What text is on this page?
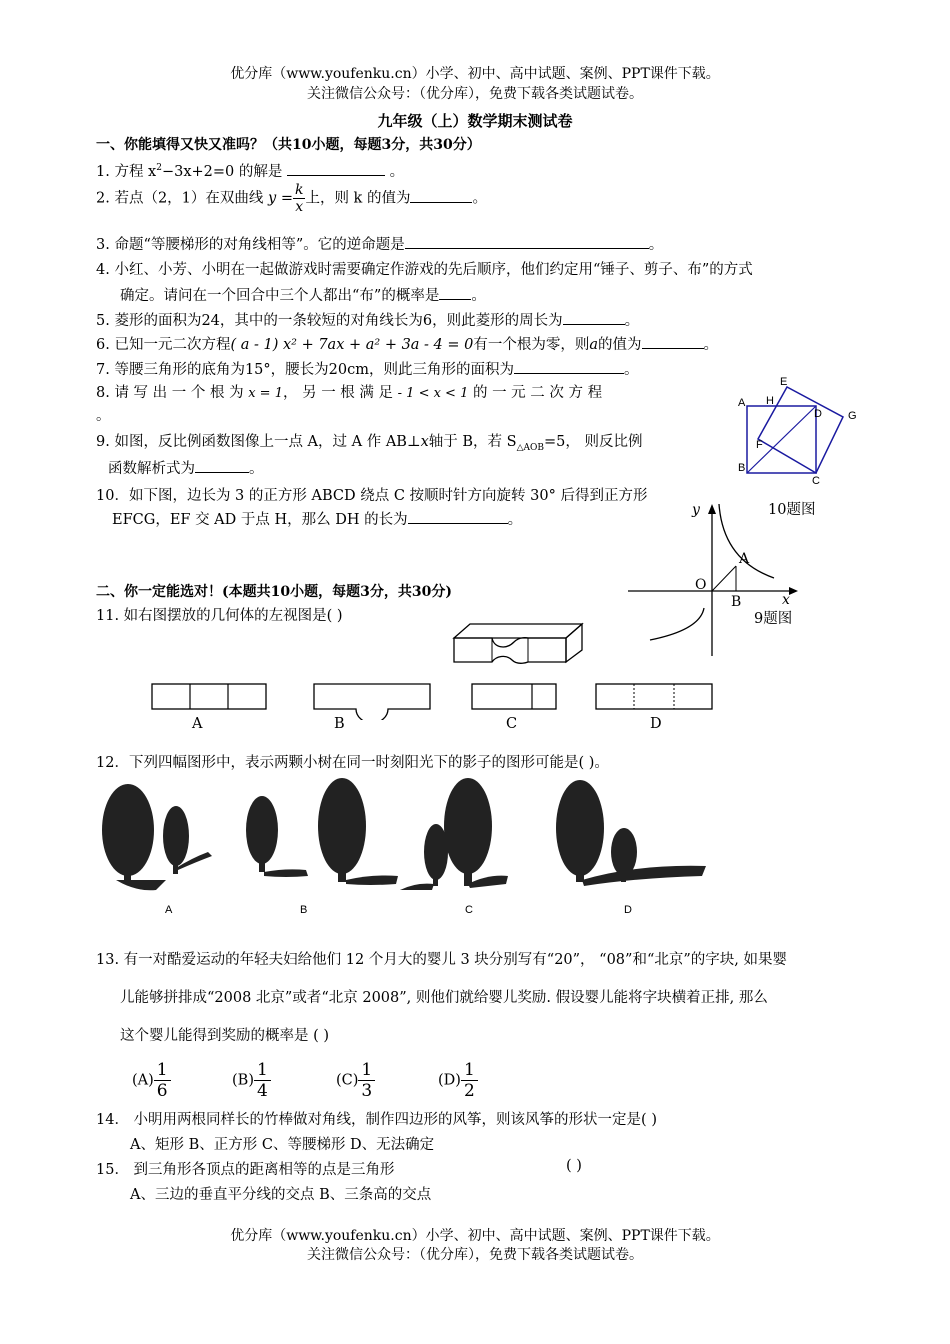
优分库（www.youfenku.cn）小学、初中、高中试题、案例、PPT课件下载。
关注微信公众号：（优分库），免费下载各类试题试卷。
九年级（上）数学期末测试卷
一、你能填得又快又准吗？（共10小题，每题3分，共30分）
1. 方程 $x^2-3x+2=0$ 的解是	。
2. 若点（2，1）在双曲线 $y = \frac{k}{x}$ 上，则 k 的值为	。
3. 命题“等腰梯形的对角线相等”。它的逆命题是	。
4. 小红、小芳、小明在一起做游戏时需要确定作游戏的先后顺序，他们约定用“锤子、剪子、布”的方式
确定。请问在一个回合中三个人都出“布”的概率是 。
5. 菱形的面积为24，其中的一条较短的对角线长为6，则此菱形的周长为	。
6. 已知一元二次方程( a - 1) x² + 7ax + a² + 3a - 4 = 0有一个根为零，则a的值为	。
7. 等腰三角形的底角为15°，腰长为20cm，则此三角形的面积为	。
8. 请 写 出 一 个 根 为 x = 1， 另 一 根 满 足 - 1 < x < 1 的 一 元 二 次 方 程
。
9. 如图，反比例函数图像上一点 A，过 A 作 AB⊥x轴于 B，若 $S_{\triangle AOB}=5$， 则反比例
函数解析式为	。
10．如下图，边长为 3 的正方形 ABCD 绕点 C 按顺时针方向旋转 30° 后得到正方形
EFCG，EF 交 AD 于点 H，那么 DH 的长为	。
A H
E
D G
F
B
C
10题图
y
x
O
A
B
9题图
二、你一定能选对！(本题共10小题，每题3分，共30分)
11. 如右图摆放的几何体的左视图是( )
A	B	C	D
12．下列四幅图形中，表示两颗小树在同一时刻阳光下的影子的图形可能是( )。
A	B	C	D
13. 有一对酷爱运动的年轻夫妇给他们 12 个月大的婴儿 3 块分别写有“20”， “08”和“北京”的字块, 如果婴
儿能够拼排成“2008 北京”或者“北京 2008”, 则他们就给婴儿奖励. 假设婴儿能将字块横着正排, 那么
这个婴儿能得到奖励的概率是 ( )
$(A) \frac{1}{6}$	$(B) \frac{1}{4}$	$(C) \frac{1}{3}$	$(D) \frac{1}{2}$
14． 小明用两根同样长的竹棒做对角线，制作四边形的风筝，则该风筝的形状一定是( )
A、矩形 B、正方形 C、等腰梯形 D、无法确定
15． 到三角形各顶点的距离相等的点是三角形	( )
A、三边的垂直平分线的交点 B、三条高的交点
优分库（www.youfenku.cn）小学、初中、高中试题、案例、PPT课件下载。
关注微信公众号：（优分库），免费下载各类试题试卷。
